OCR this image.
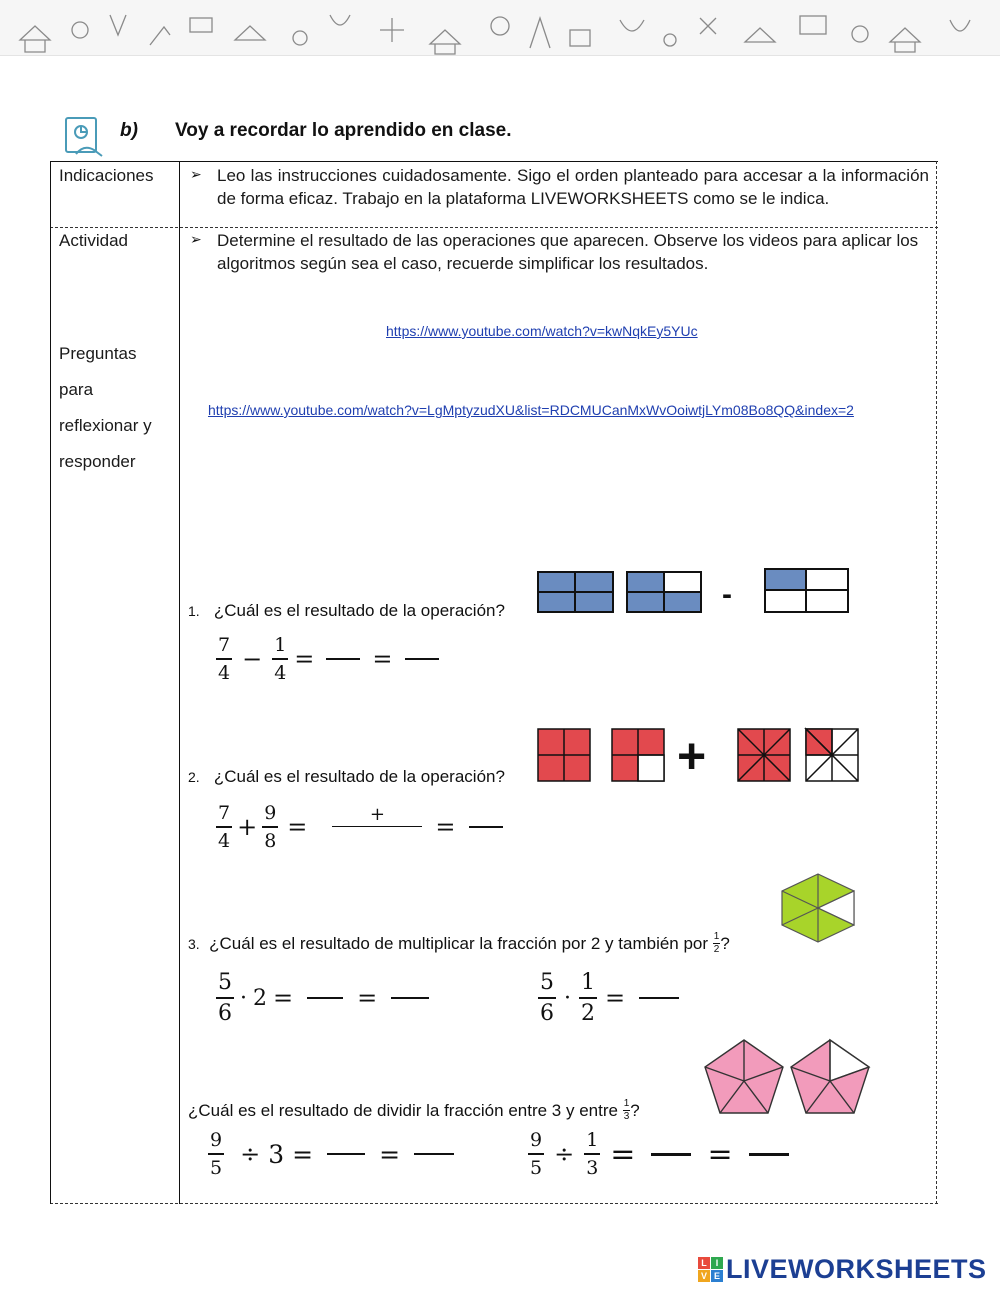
b) Voy a recordar lo aprendido en clase.
Indicaciones	➢ Leo las instrucciones cuidadosamente. Sigo el orden planteado para accesar a la información de forma eficaz. Trabajo en la plataforma LIVEWORKSHEETS como se le indica.
Actividad	➢ Determine el resultado de las operaciones que aparecen. Observe los videos para aplicar los algoritmos según sea el caso, recuerde simplificar los resultados.
Preguntas
para
reflexionar y
responder
https://www.youtube.com/watch?v=kwNqkEy5YUc
https://www.youtube.com/watch?v=LgMptyzudXU&list=RDCMUCanMxWvOoiwtjLYm08Bo8QQ&index=2
1. ¿Cuál es el resultado de la operación?	-
$\frac{7}{4} - \frac{1}{4}$ = =
2. ¿Cuál es el resultado de la operación?	+
$\frac{7}{4} + \frac{9}{8}$ =	+	=
3.
¿Cuál es el resultado de multiplicar la fracción por 2 y también por
$\frac{1}{2}$ ?
$\frac{5}{6} \cdot 2$ =	=	$\frac{5}{6} \cdot \frac{1}{2}$ =
¿Cuál es el resultado de dividir la fracción entre 3 y entre
$\frac{1}{3}$ ?
$\frac{9}{5} \div 3$ =	=	$\frac{9}{5} \div \frac{1}{3}$ = =
L I
V E LIVEWORKSHEETS
